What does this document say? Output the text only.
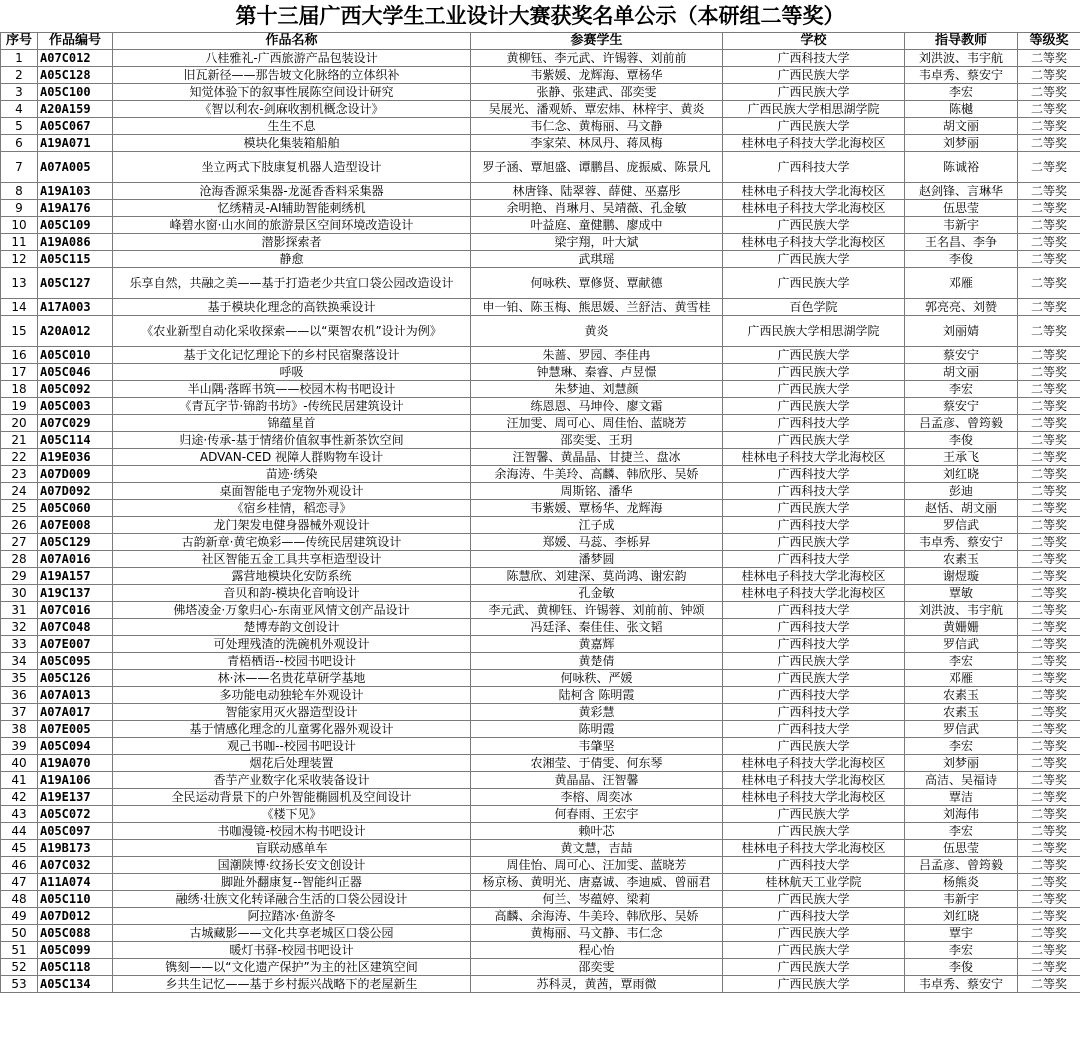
第十三届广西大学生工业设计大赛获奖名单公示（本研组二等奖）
序号	作品编号	作品名称	参赛学生	学校	指导教师	等级奖
1	A07C012	八桂雅礼-广西旅游产品包装设计	黄柳钰、李元武、许锡蓉、刘前前	广西科技大学	刘洪波、韦宇航	二等奖
2	A05C128	旧瓦新径——那告坡文化脉络的立体织补	韦紫媛、龙辉海、覃杨华	广西民族大学	韦卓秀、蔡安宁	二等奖
3	A05C100	知觉体验下的叙事性展陈空间设计研究	张静、张建武、邵奕雯	广西民族大学	李宏	二等奖
4	A20A159	《智以利农-剑麻收割机概念设计》	吴展光、潘观娇、覃宏炜、林梓宇、黄炎	广西民族大学相思湖学院	陈樾	二等奖
5	A05C067	生生不息	韦仁念、黄梅丽、马文静	广西民族大学	胡文丽	二等奖
6	A19A071	模块化集装箱船舶	李家荣、林凤丹、蒋凤梅	桂林电子科技大学北海校区	刘梦丽	二等奖
7	A07A005	坐立两式下肢康复机器人造型设计	罗子涵、覃旭盛、谭鹏昌、庞振威、陈景凡	广西科技大学	陈诚裕	二等奖
8	A19A103	沧海香源采集器-龙涎香香料采集器	林唐锋、陆翠蓉、薛健、巫嘉彤	桂林电子科技大学北海校区	赵剑锋、言琳华	二等奖
9	A19A176	忆绣精灵-AI辅助智能刺绣机	余明艳、肖琳月、吴靖薇、孔金敏	桂林电子科技大学北海校区	伍思莹	二等奖
10	A05C109	峰碧水窗·山水间的旅游景区空间环境改造设计	叶益庭、童健鹏、廖成中	广西民族大学	韦新宇	二等奖
11	A19A086	潜影探索者	梁宇翔，叶大斌	桂林电子科技大学北海校区	王名昌、李争	二等奖
12	A05C115	静愈	武琪瑶	广西民族大学	李俊	二等奖
13	A05C127	乐享自然，共融之美——基于打造老少共宜口袋公园改造设计	何咏秩、覃修贤、覃献德	广西民族大学	邓雁	二等奖
14	A17A003	基于模块化理念的高铁换乘设计	申一铂、陈玉梅、熊思媛、兰舒洁、黄雪桂	百色学院	郭亮亮、刘赞	二等奖
15	A20A012	《农业新型自动化采收探索——以“栗智农机”设计为例》	黄炎	广西民族大学相思湖学院	刘丽婧	二等奖
16	A05C010	基于文化记忆理论下的乡村民宿聚落设计	朱蔷、罗园、李佳冉	广西民族大学	蔡安宁	二等奖
17	A05C046	呼吸	钟慧琳、秦睿、卢昱憬	广西民族大学	胡文丽	二等奖
18	A05C092	半山隅·落晖书筑——校园木构书吧设计	朱梦迪、刘慧颜	广西民族大学	李宏	二等奖
19	A05C003	《青瓦字节·锦韵书坊》-传统民居建筑设计	练恩恩、马坤伶、廖文霜	广西民族大学	蔡安宁	二等奖
20	A07C029	锦蕴星首	汪加雯、周可心、周佳怡、蓝晓芳	广西科技大学	吕孟彦、曾筠毅	二等奖
21	A05C114	归途·传承-基于情绪价值叙事性新茶饮空间	邵奕雯、王玥	广西民族大学	李俊	二等奖
22	A19E036	ADVAN-CED 视障人群购物车设计	汪智馨、黄晶晶、甘捷兰、盘冰	桂林电子科技大学北海校区	王承飞	二等奖
23	A07D009	苗迹·绣染	余海涛、牛美玲、高麟、韩欣彤、吴娇	广西科技大学	刘红晓	二等奖
24	A07D092	桌面智能电子宠物外观设计	周斯铭、潘华	广西科技大学	彭迪	二等奖
25	A05C060	《宿乡桂情，稻恋寻》	韦紫媛、覃杨华、龙辉海	广西民族大学	赵恬、胡文丽	二等奖
26	A07E008	龙门架发电健身器械外观设计	江子成	广西科技大学	罗信武	二等奖
27	A05C129	古韵新章·黄宅焕彩——传统民居建筑设计	郑媛、马蕊、李栎昇	广西民族大学	韦卓秀、蔡安宁	二等奖
28	A07A016	社区智能五金工具共享柜造型设计	潘梦圆	广西科技大学	农素玉	二等奖
29	A19A157	露营地模块化安防系统	陈慧欣、刘建深、莫尚鸿、谢宏韵	桂林电子科技大学北海校区	谢煜璇	二等奖
30	A19C137	音贝和韵-模块化音响设计	孔金敏	桂林电子科技大学北海校区	覃敏	二等奖
31	A07C016	佛塔凌金·万象归心-东南亚风情文创产品设计	李元武、黄柳钰、许锡蓉、刘前前、钟颂	广西科技大学	刘洪波、韦宇航	二等奖
32	A07C048	楚博寿韵文创设计	冯廷泽、秦佳佳、张文韬	广西科技大学	黄姗姗	二等奖
33	A07E007	可处理残渣的洗碗机外观设计	黄嘉辉	广西科技大学	罗信武	二等奖
34	A05C095	青梧栖语--校园书吧设计	黄楚倩	广西民族大学	李宏	二等奖
35	A05C126	林·沐——名贵花草研学基地	何咏秩、严媛	广西民族大学	邓雁	二等奖
36	A07A013	多功能电动独轮车外观设计	陆柯含 陈明霞	广西科技大学	农素玉	二等奖
37	A07A017	智能家用灭火器造型设计	黄彩慧	广西科技大学	农素玉	二等奖
38	A07E005	基于情感化理念的儿童雾化器外观设计	陈明霞	广西科技大学	罗信武	二等奖
39	A05C094	观己书咖--校园书吧设计	韦肇坚	广西民族大学	李宏	二等奖
40	A19A070	烟花后处理装置	农湘莹、于倩雯、何东琴	桂林电子科技大学北海校区	刘梦丽	二等奖
41	A19A106	香芋产业数字化采收装备设计	黄晶晶、汪智馨	桂林电子科技大学北海校区	高洁、吴福诗	二等奖
42	A19E137	全民运动背景下的户外智能椭圆机及空间设计	李榕、周奕冰	桂林电子科技大学北海校区	覃洁	二等奖
43	A05C072	《楼下见》	何春雨、王宏宇	广西民族大学	刘海伟	二等奖
44	A05C097	书咖漫镜-校园木构书吧设计	赖叶芯	广西民族大学	李宏	二等奖
45	A19B173	盲联动感单车	黄文慧，吉喆	桂林电子科技大学北海校区	伍思莹	二等奖
46	A07C032	国潮陕博·纹扬长安文创设计	周佳怡、周可心、汪加雯、蓝晓芳	广西科技大学	吕孟彦、曾筠毅	二等奖
47	A11A074	脚趾外翻康复--智能纠正器	杨京杨、黄明光、唐嘉诚、李迪威、曾丽君	桂林航天工业学院	杨熊炎	二等奖
48	A05C110	融绣·壮族文化转译融合生活的口袋公园设计	何兰、岑蕴婷、梁莉	广西民族大学	韦新宇	二等奖
49	A07D012	阿拉踏冰·鱼游冬	高麟、余海涛、牛美玲、韩欣彤、吴娇	广西科技大学	刘红晓	二等奖
50	A05C088	古城藏影——文化共享老城区口袋公园	黄梅丽、马文静、韦仁念	广西民族大学	覃宇	二等奖
51	A05C099	暖灯书驿-校园书吧设计	程心怡	广西民族大学	李宏	二等奖
52	A05C118	镌刻——以“文化遗产保护”为主的社区建筑空间	邵奕雯	广西民族大学	李俊	二等奖
53	A05C134	乡共生记忆——基于乡村振兴战略下的老屋新生	苏科灵，黄茜，覃雨微	广西民族大学	韦卓秀、蔡安宁	二等奖
